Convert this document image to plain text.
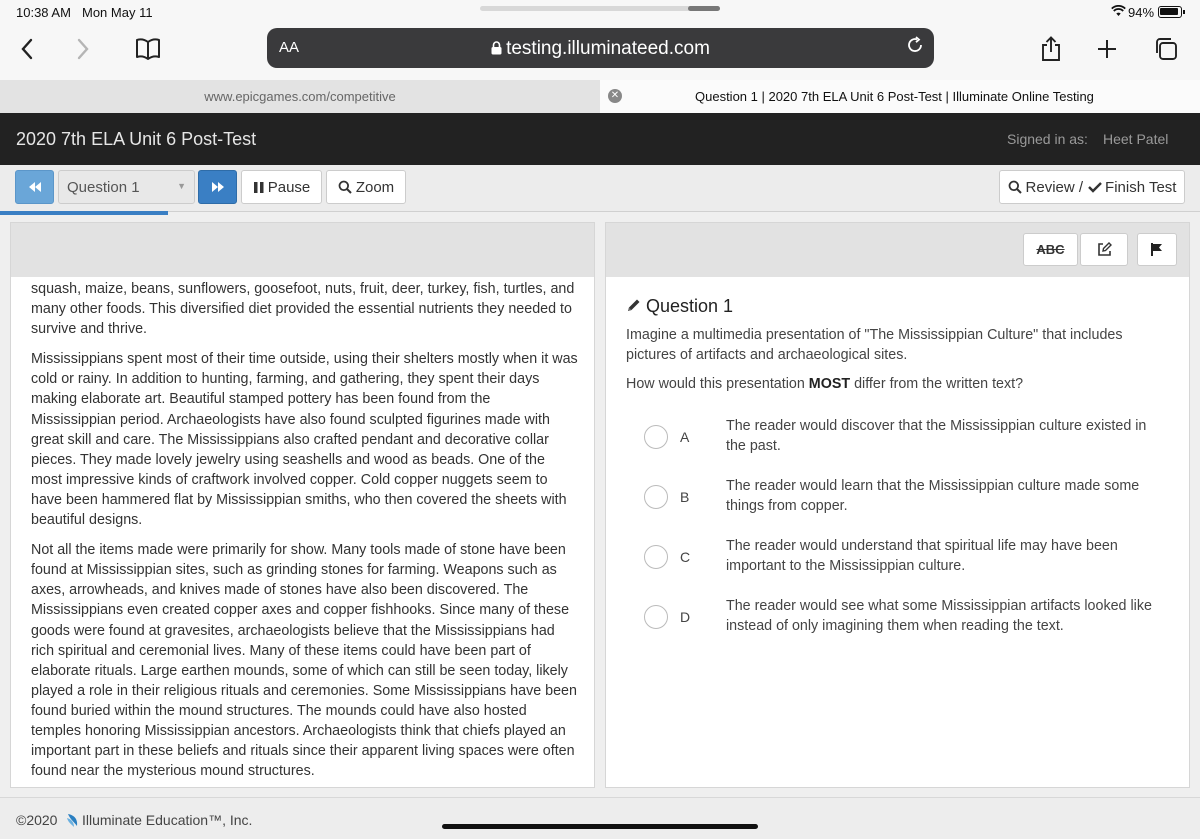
10:38 AM Mon May 11	94%
AA	testing.illuminateed.com
www.epicgames.com/competitive	✕	Question 1 | 2020 7th ELA Unit 6 Post-Test | Illuminate Online Testing
2020 7th ELA Unit 6 Post-Test	Signed in as: Heet Patel
Question 1	▼	Pause	Zoom	Review / Finish Test

squash, maize, beans, sunflowers, goosefoot, nuts, fruit, deer, turkey, fish, turtles, and many other foods. This diversified diet provided the essential nutrients they needed to survive and thrive.

Mississippians spent most of their time outside, using their shelters mostly when it was cold or rainy. In addition to hunting, farming, and gathering, they spent their days making elaborate art. Beautiful stamped pottery has been found from the Mississippian period. Archaeologists have also found sculpted figurines made with great skill and care. The Mississippians also crafted pendant and decorative collar pieces. They made lovely jewelry using seashells and wood as beads. One of the most impressive kinds of craftwork involved copper. Cold copper nuggets seem to have been hammered flat by Mississippian smiths, who then covered the sheets with beautiful designs.

Not all the items made were primarily for show. Many tools made of stone have been found at Mississippian sites, such as grinding stones for farming. Weapons such as axes, arrowheads, and knives made of stones have also been discovered. The Mississippians even created copper axes and copper fishhooks. Since many of these goods were found at gravesites, archaeologists believe that the Mississippians had rich spiritual and ceremonial lives. Many of these items could have been part of elaborate rituals. Large earthen mounds, some of which can still be seen today, likely played a role in their religious rituals and ceremonies. Some Mississippians have been found buried within the mound structures. The mounds could have also hosted temples honoring Mississippian ancestors. Archaeologists think that chiefs played an important part in these beliefs and rituals since their apparent living spaces were often found near the mysterious mound structures.

ABC
Question 1
Imagine a multimedia presentation of "The Mississippian Culture" that includes pictures of artifacts and archaeological sites.
How would this presentation MOST differ from the written text?
A
The reader would discover that the Mississippian culture existed in the past.
B
The reader would learn that the Mississippian culture made some things from copper.
C
The reader would understand that spiritual life may have been important to the Mississippian culture.
D
The reader would see what some Mississippian artifacts looked like instead of only imagining them when reading the text.
©2020 Illuminate Education™, Inc.
